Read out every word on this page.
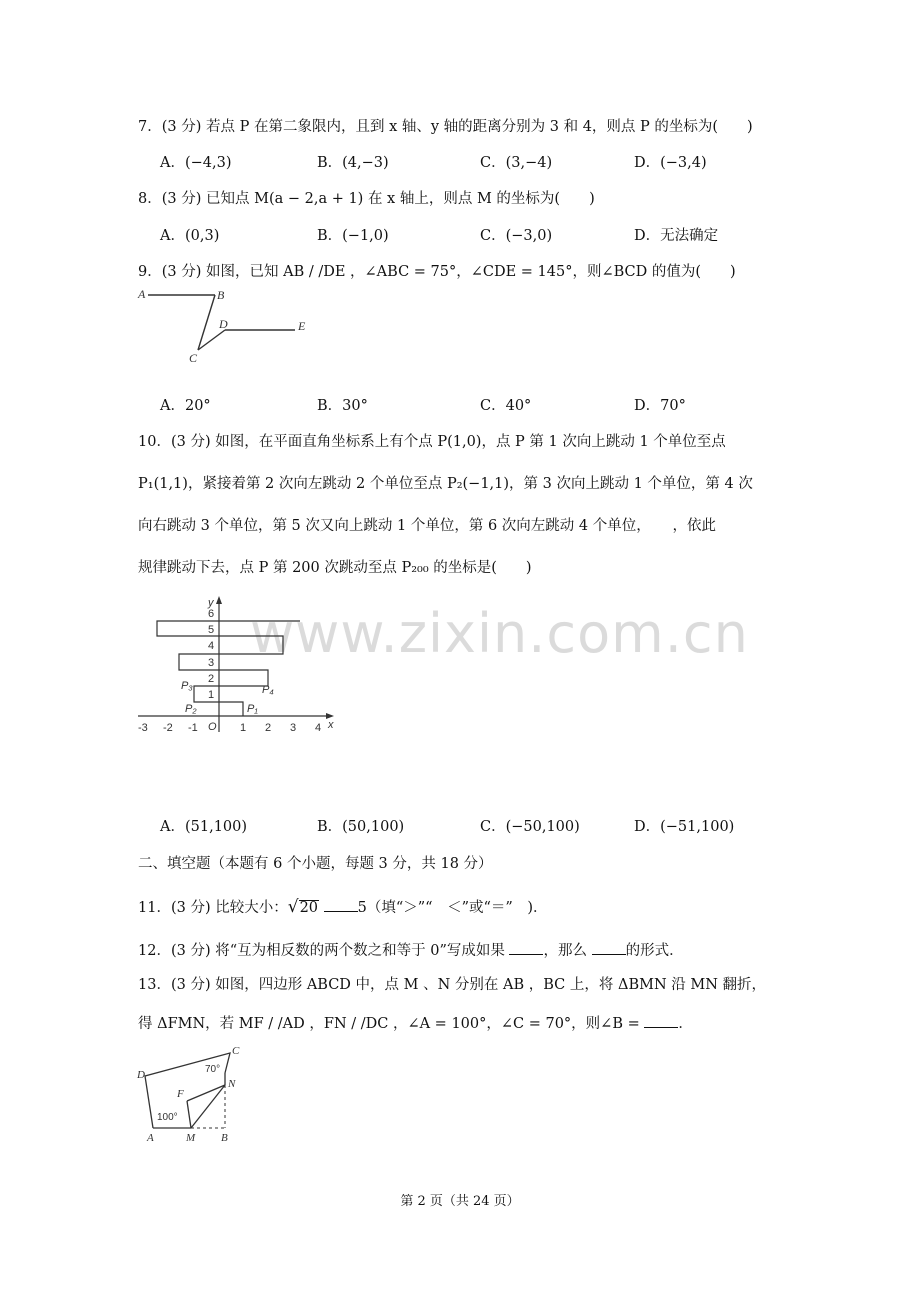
www.zixin.com.cn
7．(3 分) 若点 P 在第二象限内，且到 x 轴、y 轴的距离分别为 3 和 4，则点 P 的坐标为(　　)
A．(−4,3)	B．(4,−3)	C．(3,−4)	D．(−3,4)
8．(3 分) 已知点 M(a − 2,a + 1) 在 x 轴上，则点 M 的坐标为(　　)
A．(0,3)	B．(−1,0)	C．(−3,0)	D．无法确定
9．(3 分) 如图，已知 AB / /DE ，∠ABC = 75°，∠CDE = 145°，则∠BCD 的值为(　　)
A	B
C
D	E
A．20°	B．30°	C．40°	D．70°
10．(3 分) 如图，在平面直角坐标系上有个点 P(1,0)，点 P 第 1 次向上跳动 1 个单位至点
P₁(1,1)，紧接着第 2 次向左跳动 2 个单位至点 P₂(−1,1)，第 3 次向上跳动 1 个单位，第 4 次
向右跳动 3 个单位，第 5 次又向上跳动 1 个单位，第 6 次向左跳动 4 个单位，　　，依此
规律跳动下去，点 P 第 200 次跳动至点 P₂₀₀ 的坐标是(　　)
-3 -2 -1	1 2 3 4
O	x
y
1
2
3
4
5
6
P₁
P₂
P₃	P₄
A．(51,100)	B．(50,100)	C．(−50,100)	D．(−51,100)
二、填空题（本题有 6 个小题，每题 3 分，共 18 分）
11．(3 分) 比较大小：√20	5（填“＞”“　＜”或“＝”　)．
12．(3 分) 将“互为相反数的两个数之和等于 0”写成如果	，那么	的形式．
13．(3 分) 如图，四边形 ABCD 中，点 M 、N 分别在 AB ，BC 上，将 ΔBMN 沿 MN 翻折，
得 ΔFMN，若 MF / /AD ，FN / /DC ，∠A = 100°，∠C = 70°，则∠B =	．
A	B
C
D
F
M
N
100°
70°
第 2 页（共 24 页）
